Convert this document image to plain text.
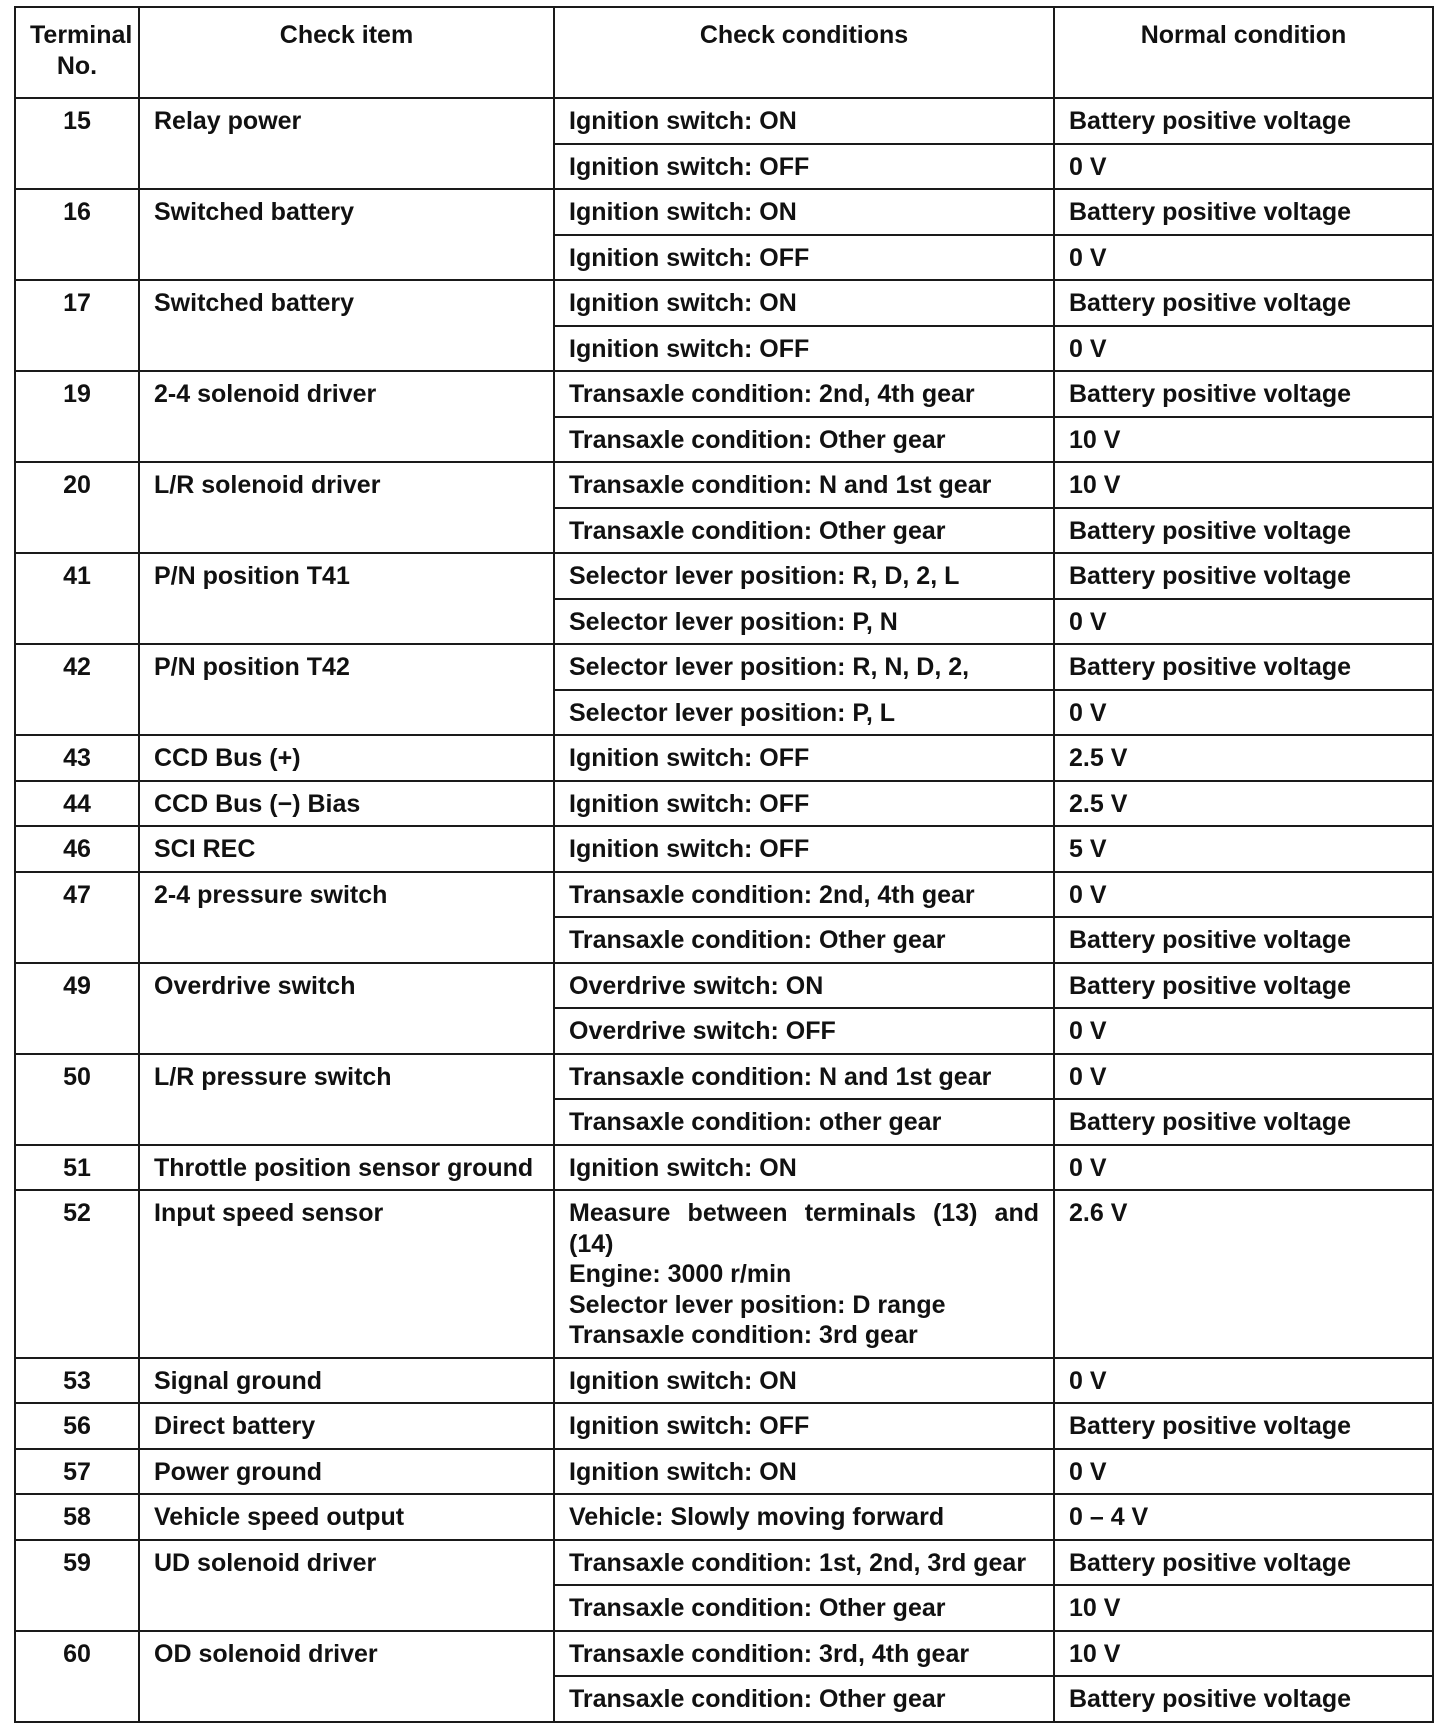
Terminal No.	Check item	Check conditions	Normal condition
15	Relay power	Ignition switch: ON	Battery positive voltage
		Ignition switch: OFF	0 V
16	Switched battery	Ignition switch: ON	Battery positive voltage
		Ignition switch: OFF	0 V
17	Switched battery	Ignition switch: ON	Battery positive voltage
		Ignition switch: OFF	0 V
19	2-4 solenoid driver	Transaxle condition: 2nd, 4th gear	Battery positive voltage
		Transaxle condition: Other gear	10 V
20	L/R solenoid driver	Transaxle condition: N and 1st gear	10 V
		Transaxle condition: Other gear	Battery positive voltage
41	P/N position T41	Selector lever position: R, D, 2, L	Battery positive voltage
		Selector lever position: P, N	0 V
42	P/N position T42	Selector lever position: R, N, D, 2,	Battery positive voltage
		Selector lever position: P, L	0 V
43	CCD Bus (+)	Ignition switch: OFF	2.5 V
44	CCD Bus (−) Bias	Ignition switch: OFF	2.5 V
46	SCI REC	Ignition switch: OFF	5 V
47	2-4 pressure switch	Transaxle condition: 2nd, 4th gear	0 V
		Transaxle condition: Other gear	Battery positive voltage
49	Overdrive switch	Overdrive switch: ON	Battery positive voltage
		Overdrive switch: OFF	0 V
50	L/R pressure switch	Transaxle condition: N and 1st gear	0 V
		Transaxle condition: other gear	Battery positive voltage
51	Throttle position sensor ground	Ignition switch: ON	0 V
52	Input speed sensor	Measure between terminals (13) and (14)
Engine: 3000 r/min
Selector lever position: D range
Transaxle condition: 3rd gear	2.6 V
53	Signal ground	Ignition switch: ON	0 V
56	Direct battery	Ignition switch: OFF	Battery positive voltage
57	Power ground	Ignition switch: ON	0 V
58	Vehicle speed output	Vehicle: Slowly moving forward	0 – 4 V
59	UD solenoid driver	Transaxle condition: 1st, 2nd, 3rd gear	Battery positive voltage
		Transaxle condition: Other gear	10 V
60	OD solenoid driver	Transaxle condition: 3rd, 4th gear	10 V
		Transaxle condition: Other gear	Battery positive voltage
